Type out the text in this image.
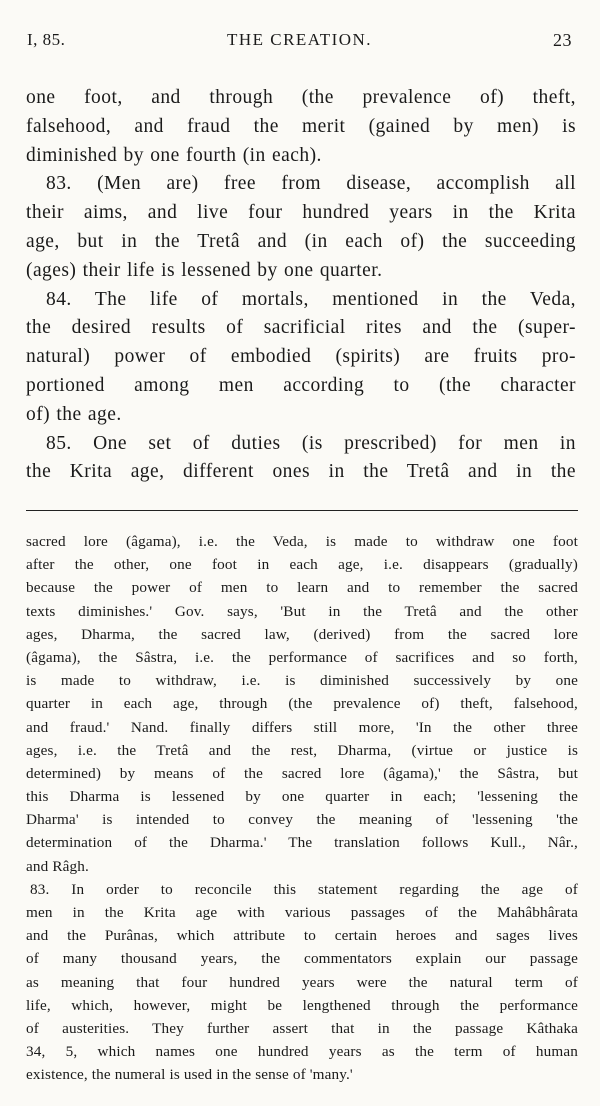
I, 85.	THE CREATION.	23
one foot, and through (the prevalence of) theft,
falsehood, and fraud the merit (gained by men) is
diminished by one fourth (in each).
83. (Men are) free from disease, accomplish all
their aims, and live four hundred years in the Krita
age, but in the Tretâ and (in each of) the succeeding
(ages) their life is lessened by one quarter.
84. The life of mortals, mentioned in the Veda,
the desired results of sacrificial rites and the (super-
natural) power of embodied (spirits) are fruits pro-
portioned among men according to (the character
of) the age.
85. One set of duties (is prescribed) for men in
the Krita age, different ones in the Tretâ and in the
sacred lore (âgama), i.e. the Veda, is made to withdraw one foot
after the other, one foot in each age, i.e. disappears (gradually)
because the power of men to learn and to remember the sacred
texts diminishes.' Gov. says, 'But in the Tretâ and the other
ages, Dharma, the sacred law, (derived) from the sacred lore
(âgama), the Sâstra, i.e. the performance of sacrifices and so forth,
is made to withdraw, i.e. is diminished successively by one
quarter in each age, through (the prevalence of) theft, falsehood,
and fraud.' Nand. finally differs still more, 'In the other three
ages, i.e. the Tretâ and the rest, Dharma, (virtue or justice is
determined) by means of the sacred lore (âgama),' the Sâstra, but
this Dharma is lessened by one quarter in each; 'lessening the
Dharma' is intended to convey the meaning of 'lessening 'the
determination of the Dharma.' The translation follows Kull., Nâr.,
and Râgh.
83. In order to reconcile this statement regarding the age of
men in the Krita age with various passages of the Mahâbhârata
and the Purânas, which attribute to certain heroes and sages lives
of many thousand years, the commentators explain our passage
as meaning that four hundred years were the natural term of
life, which, however, might be lengthened through the performance
of austerities. They further assert that in the passage Kâthaka
34, 5, which names one hundred years as the term of human
existence, the numeral is used in the sense of 'many.'
